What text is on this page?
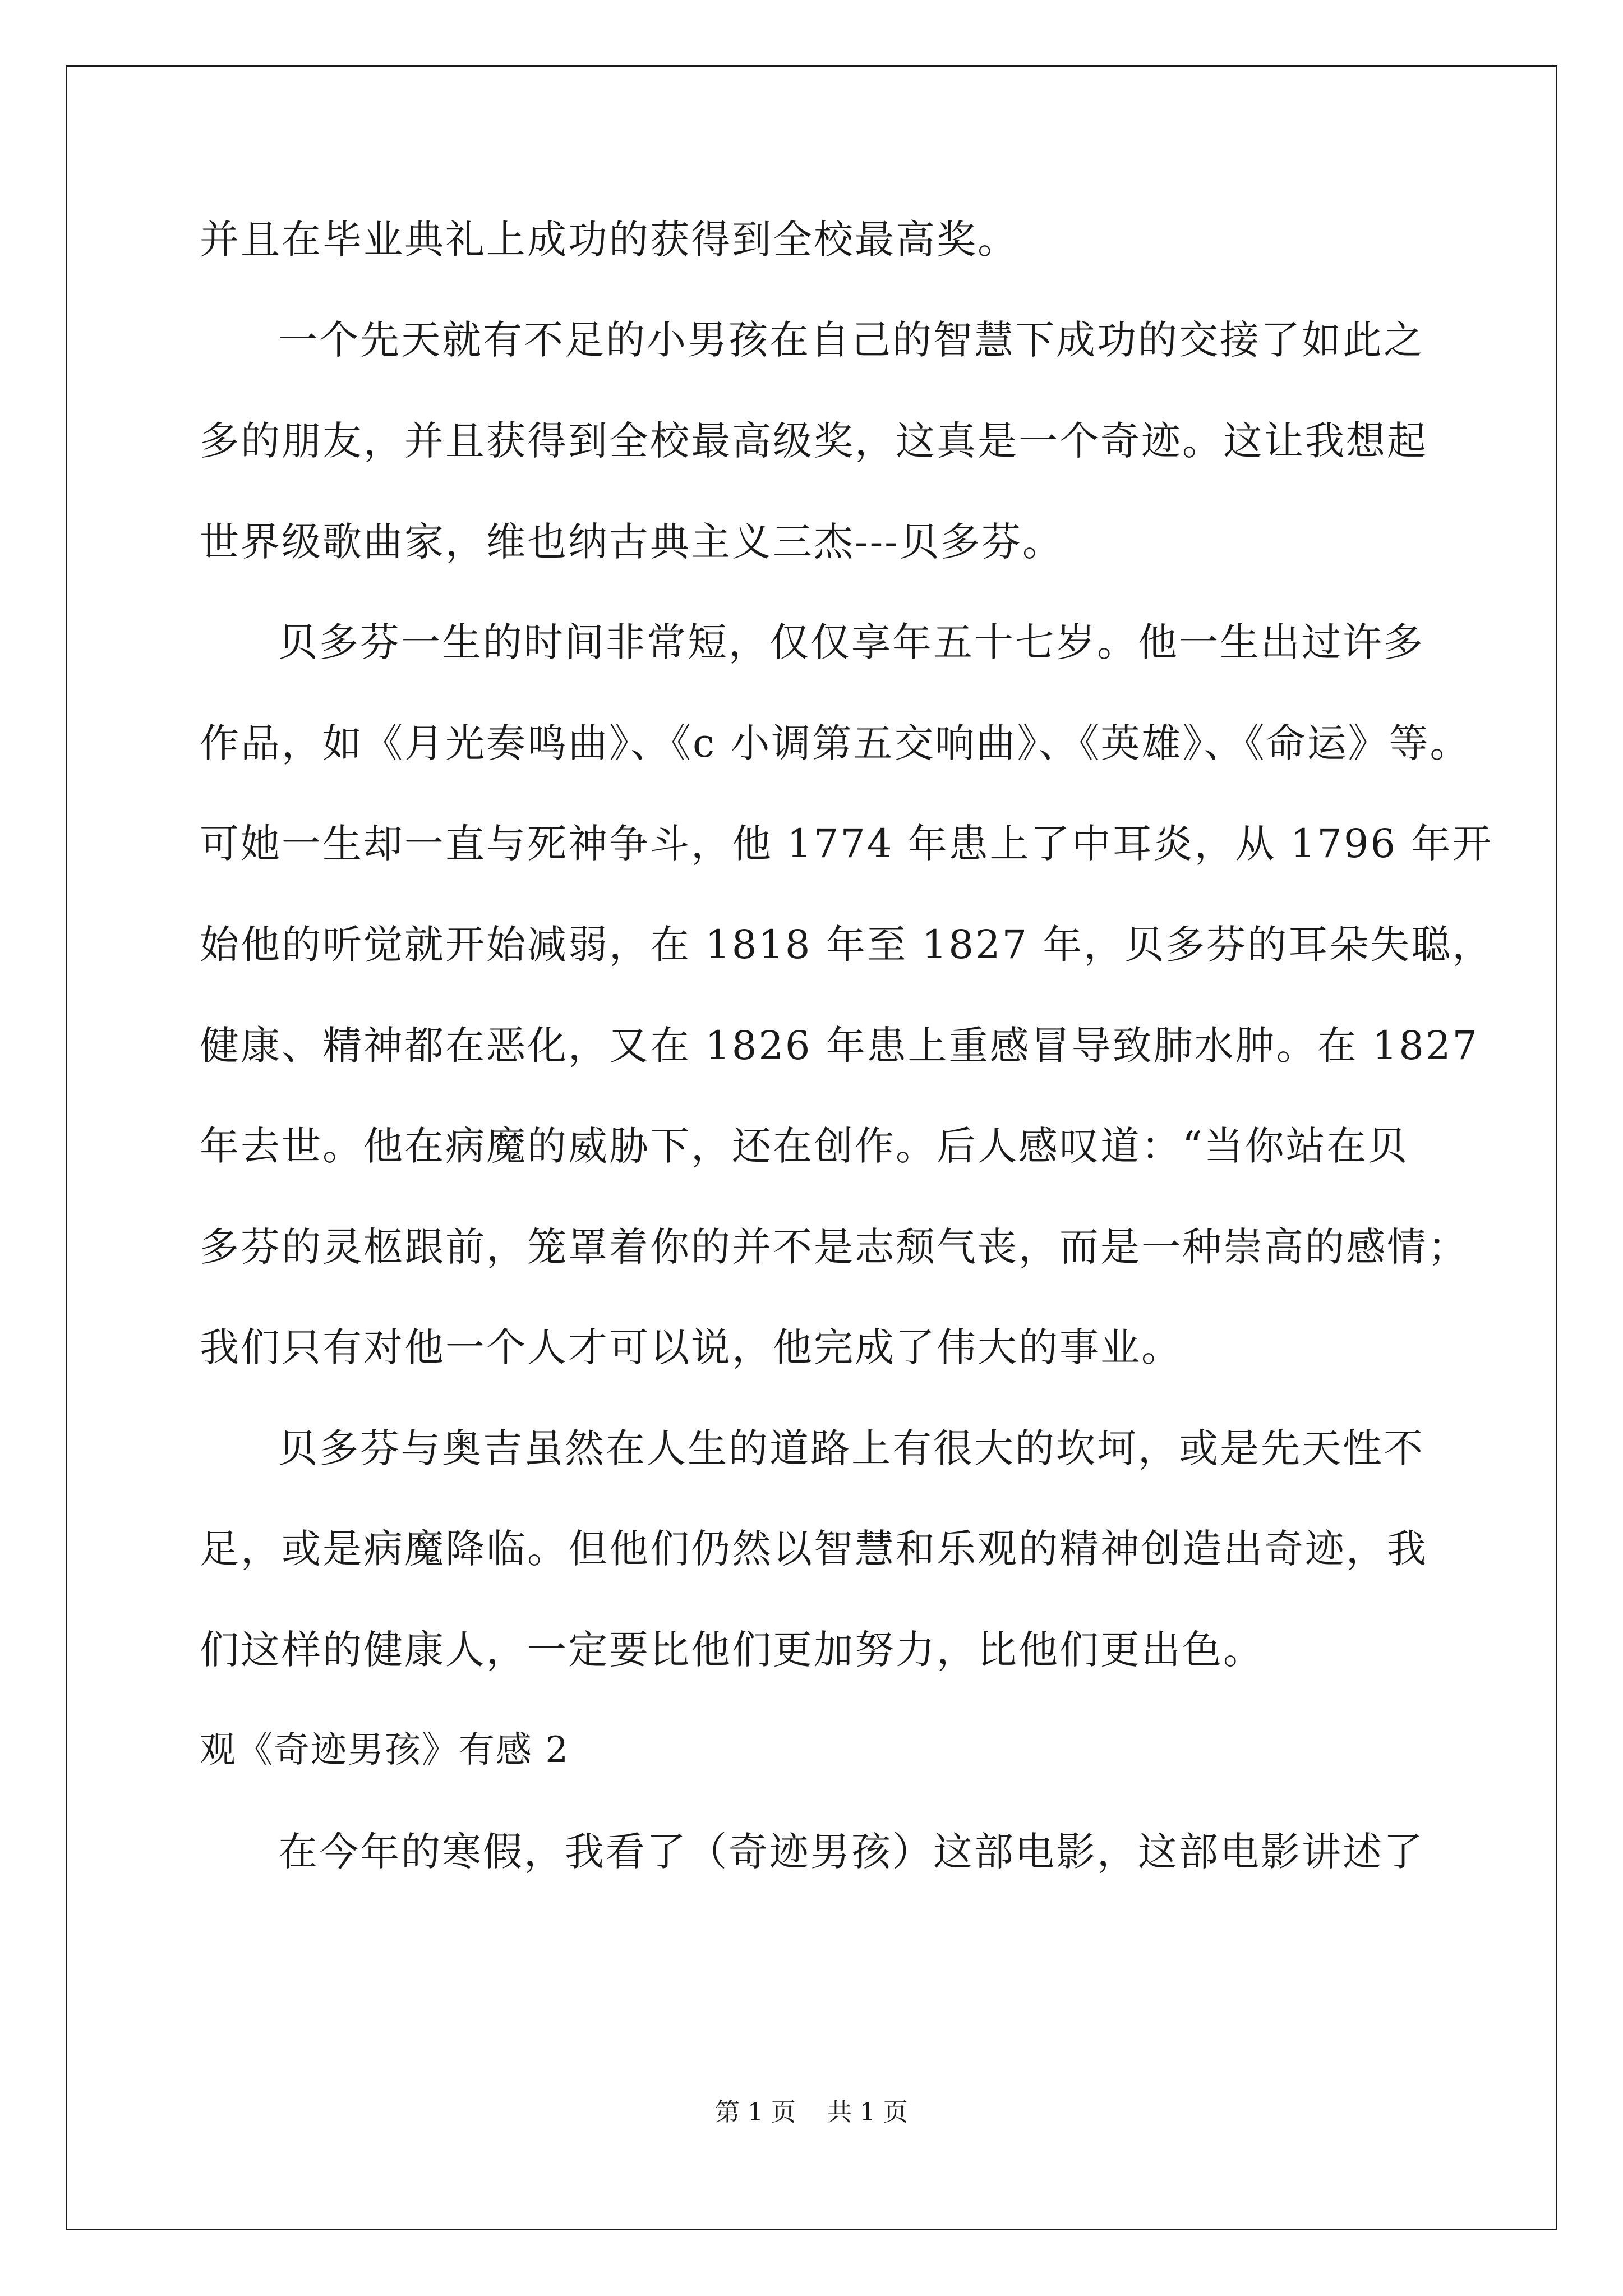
并且在毕业典礼上成功的获得到全校最高奖。
一个先天就有不足的小男孩在自己的智慧下成功的交接了如此之
多的朋友，并且获得到全校最高级奖，这真是一个奇迹。这让我想起
世界级歌曲家，维也纳古典主义三杰---贝多芬。
贝多芬一生的时间非常短，仅仅享年五十七岁。他一生出过许多
作品，如《月光奏鸣曲》、《c 小调第五交响曲》、《英雄》、《命运》等。
可她一生却一直与死神争斗，他 1774 年患上了中耳炎，从 1796 年开
始他的听觉就开始减弱，在 1818 年至 1827 年，贝多芬的耳朵失聪，
健康、精神都在恶化，又在 1826 年患上重感冒导致肺水肿。在 1827
年去世。他在病魔的威胁下，还在创作。后人感叹道：“当你站在贝
多芬的灵柩跟前，笼罩着你的并不是志颓气丧，而是一种崇高的感情；
我们只有对他一个人才可以说，他完成了伟大的事业。
贝多芬与奥吉虽然在人生的道路上有很大的坎坷，或是先天性不
足，或是病魔降临。但他们仍然以智慧和乐观的精神创造出奇迹，我
们这样的健康人，一定要比他们更加努力，比他们更出色。
观《奇迹男孩》有感 2
在今年的寒假，我看了（奇迹男孩）这部电影，这部电影讲述了
第 1 页    共 1 页
